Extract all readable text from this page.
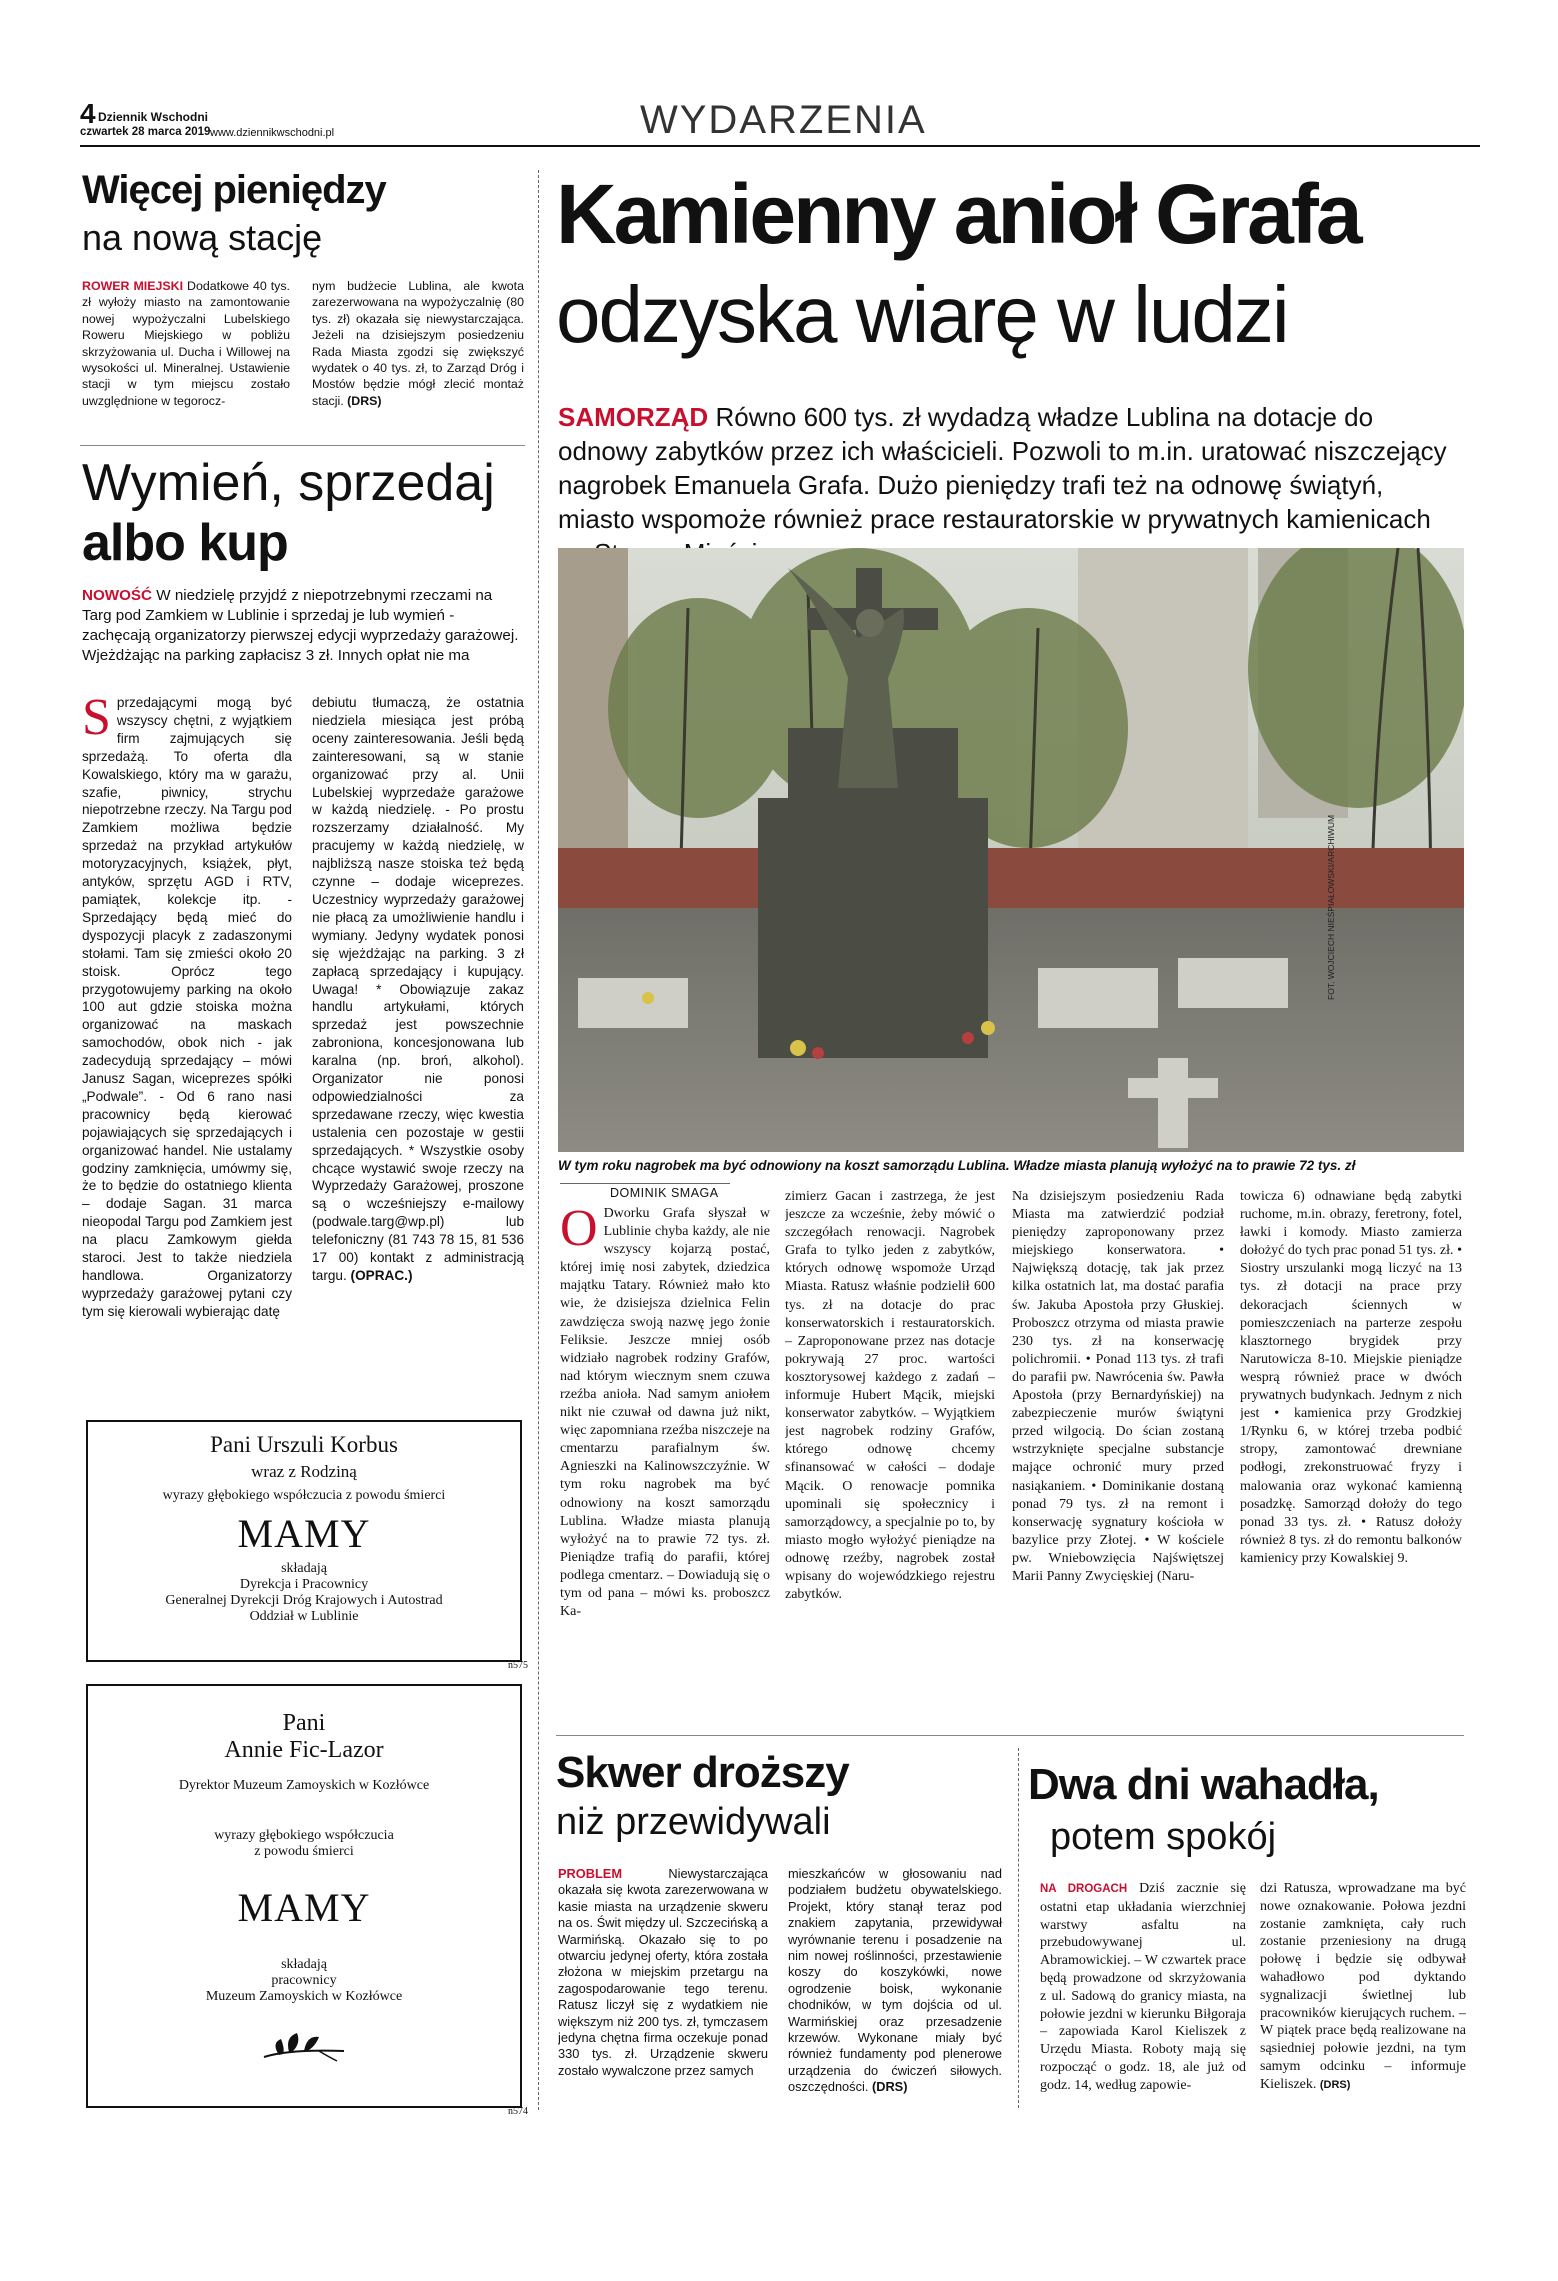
4 Dziennik Wschodni
czwartek 28 marca 2019 www.dziennikwschodni.pl	WYDARZENIA
Więcej pieniędzy
na nową stację
ROWER MIEJSKI Dodatkowe 40 tys. zł wyłoży miasto na zamontowanie nowej wypożyczalni Lubelskiego Roweru Miejskiego w pobliżu skrzyżowania ul. Ducha i Willowej na wysokości ul. Mineralnej. Ustawienie stacji w tym miejscu zostało uwzględnione w tegorocz-
nym budżecie Lublina, ale kwota zarezerwowana na wypożyczalnię (80 tys. zł) okazała się niewystarczająca. Jeżeli na dzisiejszym posiedzeniu Rada Miasta zgodzi się zwiększyć wydatek o 40 tys. zł, to Zarząd Dróg i Mostów będzie mógł zlecić montaż stacji. (DRS)
Wymień, sprzedaj
albo kup
NOWOŚĆ W niedzielę przyjdź z niepotrzebnymi rzeczami na Targ pod Zamkiem w Lublinie i sprzedaj je lub wymień - zachęcają organizatorzy pierwszej edycji wyprzedaży garażowej. Wjeżdżając na parking zapłacisz 3 zł. Innych opłat nie ma
S przedającymi mogą być wszyscy chętni, z wyjątkiem firm zajmujących się sprzedażą. To oferta dla Kowalskiego, który ma w garażu, szafie, piwnicy, strychu niepotrzebne rzeczy. Na Targu pod Zamkiem możliwa będzie sprzedaż na przykład artykułów motoryzacyjnych, książek, płyt, antyków, sprzętu AGD i RTV, pamiątek, kolekcje itp. - Sprzedający będą mieć do dyspozycji placyk z zadaszonymi stołami. Tam się zmieści około 20 stoisk. Oprócz tego przygotowujemy parking na około 100 aut gdzie stoiska można organizować na maskach samochodów, obok nich - jak zadecydują sprzedający – mówi Janusz Sagan, wiceprezes spółki „Podwale”. - Od 6 rano nasi pracownicy będą kierować pojawiających się sprzedających i organizować handel. Nie ustalamy godziny zamknięcia, umówmy się, że to będzie do ostatniego klienta – dodaje Sagan. 31 marca nieopodal Targu pod Zamkiem jest na placu Zamkowym giełda staroci. Jest to także niedziela handlowa. Organizatorzy wyprzedaży garażowej pytani czy tym się kierowali wybierając datę
debiutu tłumaczą, że ostatnia niedziela miesiąca jest próbą oceny zainteresowania. Jeśli będą zainteresowani, są w stanie organizować przy al. Unii Lubelskiej wyprzedaże garażowe w każdą niedzielę. - Po prostu rozszerzamy działalność. My pracujemy w każdą niedzielę, w najbliższą nasze stoiska też będą czynne – dodaje wiceprezes. Uczestnicy wyprzedaży garażowej nie płacą za umożliwienie handlu i wymiany. Jedyny wydatek ponosi się wjeżdżając na parking. 3 zł zapłacą sprzedający i kupujący. Uwaga! * Obowiązuje zakaz handlu artykułami, których sprzedaż jest powszechnie zabroniona, koncesjonowana lub karalna (np. broń, alkohol). Organizator nie ponosi odpowiedzialności za sprzedawane rzeczy, więc kwestia ustalenia cen pozostaje w gestii sprzedających. * Wszystkie osoby chcące wystawić swoje rzeczy na Wyprzedaży Garażowej, proszone są o wcześniejszy e-mailowy (podwale.targ@wp.pl) lub telefoniczny (81 743 78 15, 81 536 17 00) kontakt z administracją targu. (OPRAC.)
Pani Urszuli Korbus
wraz z Rodziną
wyrazy głębokiego współczucia z powodu śmierci
MAMY
składają
Dyrekcja i Pracownicy
Generalnej Dyrekcji Dróg Krajowych i Autostrad
Oddział w Lublinie
n575
Pani
Annie Fic-Lazor
Dyrektor Muzeum Zamoyskich w Kozłówce
wyrazy głębokiego współczucia
z powodu śmierci
MAMY
składają
pracownicy
Muzeum Zamoyskich w Kozłówce
n574
Kamienny anioł Grafa
odzyska wiarę w ludzi
SAMORZĄD Równo 600 tys. zł wydadzą władze Lublina na dotacje do odnowy zabytków przez ich właścicieli. Pozwoli to m.in. uratować niszczejący nagrobek Emanuela Grafa. Dużo pieniędzy trafi też na odnowę świątyń, miasto wspomoże również prace restauratorskie w prywatnych kamienicach
FOT. WOJCIECH NIEŚPIAŁOWSKI/ARCHIWUM
W tym roku nagrobek ma być odnowiony na koszt samorządu Lublina. Władze miasta planują wyłożyć na to prawie 72 tys. zł
DOMINIK SMAGA
O Dworku Grafa słyszał w Lublinie chyba każdy, ale nie wszyscy kojarzą postać, której imię nosi zabytek, dziedzica majątku Tatary. Również mało kto wie, że dzisiejsza dzielnica Felin zawdzięcza swoją nazwę jego żonie Feliksie. Jeszcze mniej osób widziało nagrobek rodziny Grafów, nad którym wiecznym snem czuwa rzeźba anioła. Nad samym aniołem nikt nie czuwał od dawna już nikt, więc zapomniana rzeźba niszczeje na cmentarzu parafialnym św. Agnieszki na Kalinowszczyźnie. W tym roku nagrobek ma być odnowiony na koszt samorządu Lublina. Władze miasta planują wyłożyć na to prawie 72 tys. zł. Pieniądze trafią do parafii, której podlega cmentarz. – Dowiadują się o tym od pana – mówi ks. proboszcz Ka-
zimierz Gacan i zastrzega, że jest jeszcze za wcześnie, żeby mówić o szczegółach renowacji. Nagrobek Grafa to tylko jeden z zabytków, których odnowę wspomoże Urząd Miasta. Ratusz właśnie podzielił 600 tys. zł na dotacje do prac konserwatorskich i restauratorskich. – Zaproponowane przez nas dotacje pokrywają 27 proc. wartości kosztorysowej każdego z zadań – informuje Hubert Mącik, miejski konserwator zabytków. – Wyjątkiem jest nagrobek rodziny Grafów, którego odnowę chcemy sfinansować w całości – dodaje Mącik. O renowacje pomnika upominali się społecznicy i samorządowcy, a specjalnie po to, by miasto mogło wyłożyć pieniądze na odnowę rzeźby, nagrobek został wpisany do wojewódzkiego rejestru zabytków.
Na dzisiejszym posiedzeniu Rada Miasta ma zatwierdzić podział pieniędzy zaproponowany przez miejskiego konserwatora. • Największą dotację, tak jak przez kilka ostatnich lat, ma dostać parafia św. Jakuba Apostoła przy Głuskiej. Proboszcz otrzyma od miasta prawie 230 tys. zł na konserwację polichromii. • Ponad 113 tys. zł trafi do parafii pw. Nawrócenia św. Pawła Apostoła (przy Bernardyńskiej) na zabezpieczenie murów świątyni przed wilgocią. Do ścian zostaną wstrzyknięte specjalne substancje mające ochronić mury przed nasiąkaniem. • Dominikanie dostaną ponad 79 tys. zł na remont i konserwację sygnatury kościoła w bazylice przy Złotej. • W kościele pw. Wniebowzięcia Najświętszej Marii Panny Zwycięskiej (Naru-
towicza 6) odnawiane będą zabytki ruchome, m.in. obrazy, feretrony, fotel, ławki i komody. Miasto zamierza dołożyć do tych prac ponad 51 tys. zł. • Siostry urszulanki mogą liczyć na 13 tys. zł dotacji na prace przy dekoracjach ściennych w pomieszczeniach na parterze zespołu klasztornego brygidek przy Narutowicza 8-10. Miejskie pieniądze wesprą również prace w dwóch prywatnych budynkach. Jednym z nich jest • kamienica przy Grodzkiej 1/Rynku 6, w której trzeba podbić stropy, zamontować drewniane podłogi, zrekonstruować fryzy i malowania oraz wykonać kamienną posadzkę. Samorząd dołoży do tego ponad 33 tys. zł. • Ratusz dołoży również 8 tys. zł do remontu balkonów kamienicy przy Kowalskiej 9.
Skwer droższy
niż przewidywali
PROBLEM	Niewystarczająca okazała się kwota zarezerwowana w kasie miasta na urządzenie skweru na os. Świt między ul. Szczecińską a Warmińską. Okazało się to po otwarciu jedynej oferty, która została złożona w miejskim przetargu na zagospodarowanie tego terenu. Ratusz liczył się z wydatkiem nie większym niż 200 tys. zł, tymczasem jedyna chętna firma oczekuje ponad 330 tys. zł. Urządzenie skweru zostało wywalczone przez samych
mieszkańców w głosowaniu nad podziałem budżetu obywatelskiego. Projekt, który stanął teraz pod znakiem zapytania, przewidywał wyrównanie terenu i posadzenie na nim nowej roślinności, przestawienie koszy do koszykówki, nowe ogrodzenie boisk, wykonanie chodników, w tym dojścia od ul. Warmińskiej oraz przesadzenie krzewów. Wykonane miały być również fundamenty pod plenerowe urządzenia do ćwiczeń siłowych. oszczędności. (DRS)
Dwa dni wahadła,
potem spokój
NA DROGACH Dziś zacznie się ostatni etap układania wierzchniej warstwy asfaltu na przebudowywanej ul. Abramowickiej. – W czwartek prace będą prowadzone od skrzyżowania z ul. Sadową do granicy miasta, na połowie jezdni w kierunku Biłgoraja – zapowiada Karol Kieliszek z Urzędu Miasta. Roboty mają się rozpocząć o godz. 18, ale już od godz. 14, według zapowie-
dzi Ratusza, wprowadzane ma być nowe oznakowanie. Połowa jezdni zostanie zamknięta, cały ruch zostanie przeniesiony na drugą połowę i będzie się odbywał wahadłowo pod dyktando sygnalizacji świetlnej lub pracowników kierujących ruchem. – W piątek prace będą realizowane na sąsiedniej połowie jezdni, na tym samym odcinku – informuje Kieliszek. (DRS)
